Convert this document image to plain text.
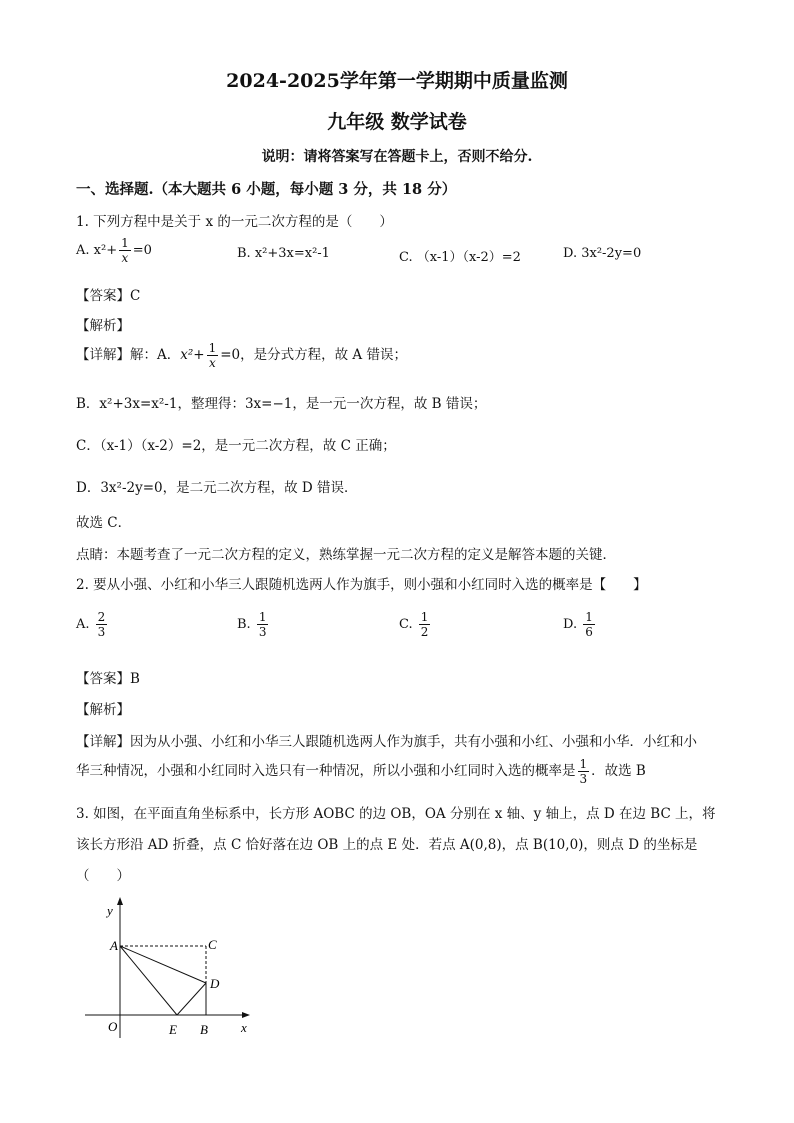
2024-2025学年第一学期期中质量监测
九年级 数学试卷
说明：请将答案写在答题卡上，否则不给分.
一、选择题.（本大题共 6 小题，每小题 3 分，共 18 分）
1. 下列方程中是关于 x 的一元二次方程的是（　　）
A. $x^2+ \frac{1}{x} =0$	B. x²+3x=x²-1	C. （x-1）（x-2）=2	D. 3x²-2y=0
【答案】C
【解析】
【详解】解：A．$x^2+ \frac{1}{x} =0$，是分式方程，故 A 错误；
B．x²+3x=x²-1，整理得：3x=−1，是一元一次方程，故 B 错误；
C．（x-1）（x-2）=2，是一元二次方程，故 C 正确；
D．3x²-2y=0，是二元二次方程，故 D 错误．
故选 C．
点睛：本题考查了一元二次方程的定义，熟练掌握一元二次方程的定义是解答本题的关键．
2. 要从小强、小红和小华三人跟随机选两人作为旗手，则小强和小红同时入选的概率是【　　】
A. $\frac{2}{3}$	B. $\frac{1}{3}$	C. $\frac{1}{2}$	D. $\frac{1}{6}$
【答案】B
【解析】
【详解】因为从小强、小红和小华三人跟随机选两人作为旗手，共有小强和小红、小强和小华．小红和小
华三种情况，小强和小红同时入选只有一种情况，所以小强和小红同时入选的概率是 $\frac{1}{3}$ ．故选 B
3. 如图，在平面直角坐标系中，长方形 AOBC 的边 OB，OA 分别在 x 轴、y 轴上，点 D 在边 BC 上，将
该长方形沿 AD 折叠，点 C 恰好落在边 OB 上的点 E 处．若点 A(0,8)，点 B(10,0)，则点 D 的坐标是
（　　）
y
A	C
D
O	E B	x
